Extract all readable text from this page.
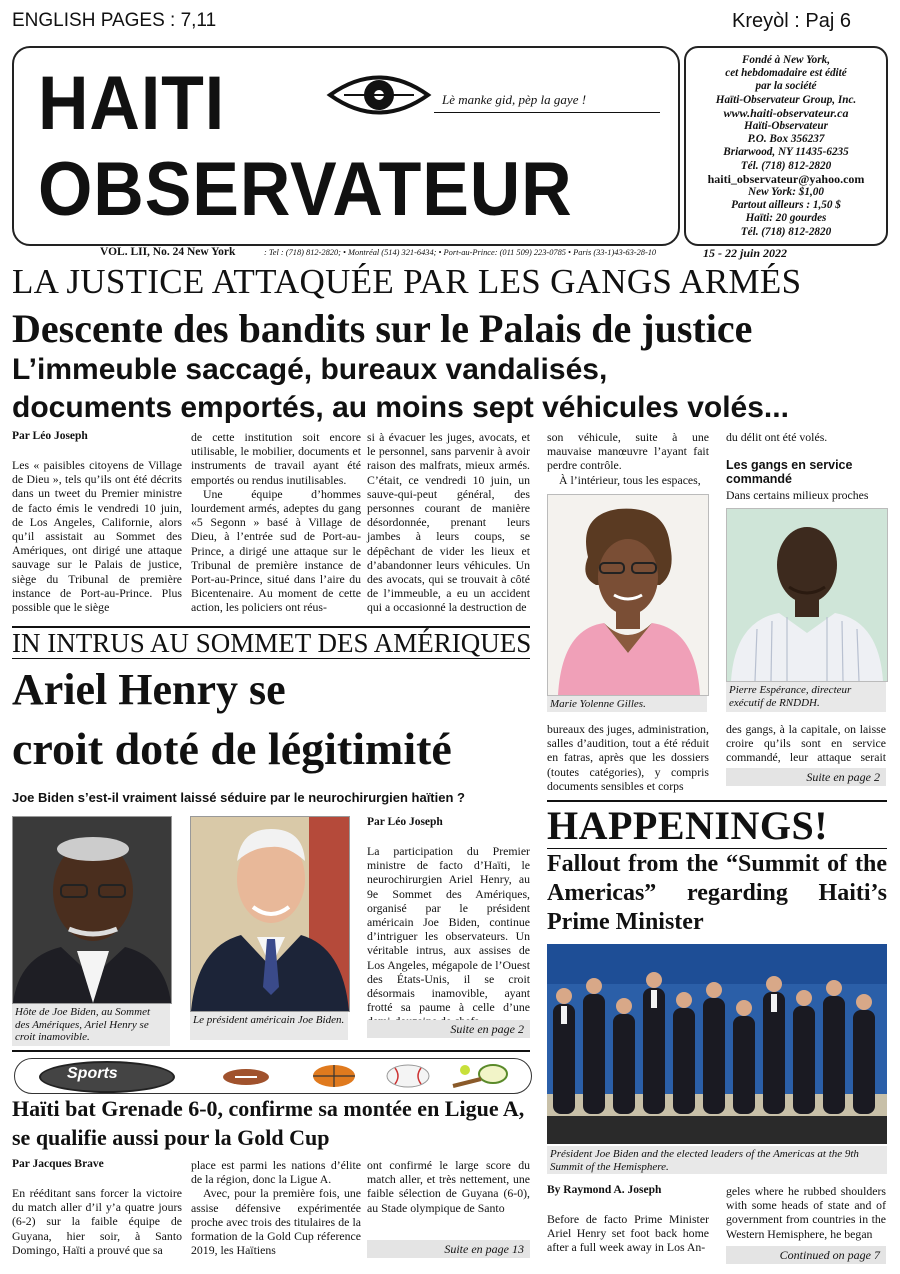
ENGLISH PAGES : 7,11	Kreyòl : Paj 6
HAITI
OBSERVATEUR
Lè manke gid, pèp la gaye !
Fondé à New York,
cet hebdomadaire est édité
par la société
Haïti-Observateur Group, Inc.
www.haiti-observateur.ca
Haïti-Observateur
P.O. Box 356237
Briarwood, NY 11435-6235
Tél. (718) 812-2820
haiti_observateur@yahoo.com
New York: $1,00
Partout ailleurs : 1,50 $
Haïti: 20 gourdes
Tél. (718) 812-2820
VOL. LII, No. 24 New York	: Tel : (718) 812-2820; • Montréal (514) 321-6434; • Port-au-Prince: (011 509) 223-0785 • Paris (33-1)43-63-28-10	15 - 22 juin 2022
LA JUSTICE ATTAQUÉE PAR LES GANGS ARMÉS
Descente des bandits sur le Palais de justice
L’immeuble saccagé, bureaux vandalisés,
documents emportés, au moins sept véhicules volés...
Par Léo Joseph

Les « paisibles citoyens de Village de Dieu », tels qu’ils ont été décrits dans un tweet du Premier ministre de facto émis le vendredi 10 juin, de Los Angeles, Californie, alors qu’il assistait au Sommet des Amériques, ont dirigé une attaque sauvage sur le Palais de justice, siège du Tribunal de première instance de Port-au-Prince. Plus possible que le siège

de cette institution soit encore utilisable, le mobilier, documents et instruments de travail ayant été emportés ou rendus inutilisables.

Une équipe d’hommes lourdement armés, adeptes du gang «5 Segonn » basé à Village de Dieu, à l’entrée sud de Port-au-Prince, a dirigé une attaque sur le Tribunal de première instance de Port-au-Prince, situé dans l’aire du Bicentenaire. Au moment de cette action, les policiers ont réus-

si à évacuer les juges, avocats, et le personnel, sans parvenir à avoir raison des malfrats, mieux armés. C’était, ce vendredi 10 juin, un sauve-qui-peut général, des personnes courant de manière désordonnée, prenant leurs jambes à leurs coups, se dépêchant de vider les lieux et d’abandonner leurs véhicules. Un des avocats, qui se trouvait à côté de l’immeuble, a eu un accident qui a occasionné la destruction de

son véhicule, suite à une mauvaise manœuvre l’ayant fait perdre contrôle.

À l’intérieur, tous les espaces,

du délit ont été volés.

Les gangs en service commandé

Dans certains milieux proches

Marie Yolenne Gilles.
Pierre Espérance, directeur exécutif de RNDDH.

bureaux des juges, administration, salles d’audition, tout a été réduit en fatras, après que les dossiers (toutes catégories), y compris documents sensibles et corps

des gangs, à la capitale, on laisse croire qu’ils sont en service commandé, leur attaque serait

Suite en page 2
IN INTRUS AU SOMMET DES AMÉRIQUES
Ariel Henry se
croit doté de légitimité
Joe Biden s’est-il vraiment laissé séduire par le neurochirurgien haïtien ?
Hôte de Joe Biden, au Sommet des Amériques, Ariel Henry se croit inamovible.
Le président américain Joe Biden.
Par Léo Joseph

La participation du Premier ministre de facto d’Haïti, le neurochirurgien Ariel Henry, au 9e Sommet des Amériques, organisé par le président américain Joe Biden, continue d’intriguer les observateurs. Un véritable intrus, aux assises de Los Angeles, mégapole de l’Ouest des États-Unis, il se croit désormais inamovible, ayant frotté sa paume à celle d’une

Suite en page 2
Sports
Haïti bat Grenade 6-0, confirme sa montée en Ligue A, se qualifie aussi pour la Gold Cup
Par Jacques Brave

En rééditant sans forcer la victoire du match aller d’il y’a quatre jours (6-2) sur la faible équipe de Guyana, hier soir, à Santo Domingo, Haïti a prouvé que sa

place est parmi les nations d’élite de la région, donc la Ligue A.

Avec, pour la première fois, une assise défensive expérimentée proche avec trois des titulaires de la formation de la Gold Cup réference 2019, les Haïtiens

ont confirmé le large score du match aller, et très nettement, une faible sélection de Guyana (6-0), au Stade olympique de Santo

Suite en page 13
HAPPENINGS!
Fallout from the “Summit of the Americas” regarding Haiti’s Prime Minister
Président Joe Biden and the elected leaders of the Americas at the 9th Summit of the Hemisphere.
By Raymond A. Joseph

Before de facto Prime Minister Ariel Henry set foot back home after a full week away in Los An-

geles where he rubbed shoulders with some heads of state and of government from countries in the Western Hemisphere, he began

Continued on page 7
